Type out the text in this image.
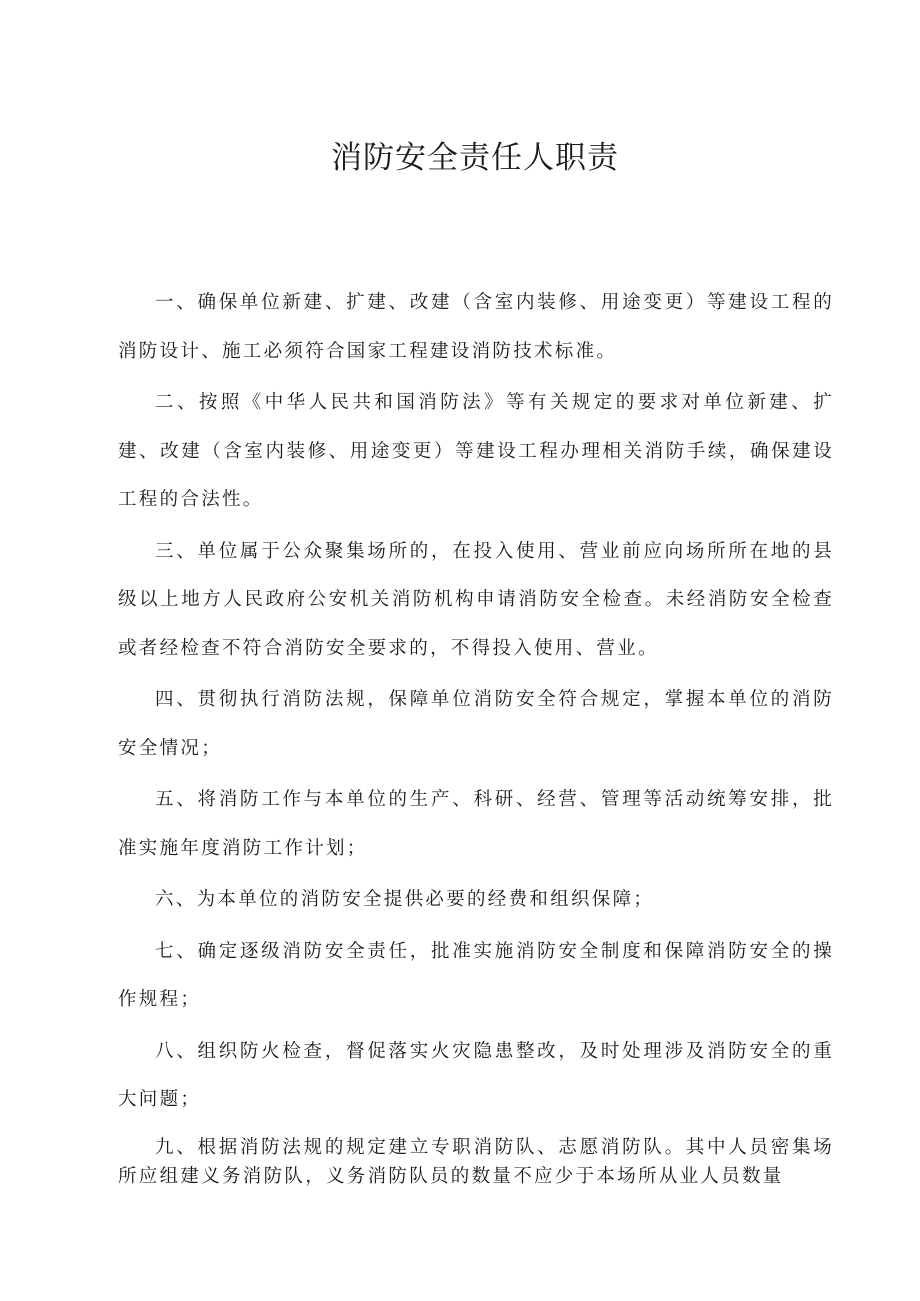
消防安全责任人职责

一、确保单位新建、扩建、改建（含室内装修、用途变更）等建设工程的消防设计、施工必须符合国家工程建设消防技术标准。

二、按照《中华人民共和国消防法》等有关规定的要求对单位新建、扩建、改建（含室内装修、用途变更）等建设工程办理相关消防手续，确保建设工程的合法性。

三、单位属于公众聚集场所的，在投入使用、营业前应向场所所在地的县级以上地方人民政府公安机关消防机构申请消防安全检查。未经消防安全检查或者经检查不符合消防安全要求的，不得投入使用、营业。

四、贯彻执行消防法规，保障单位消防安全符合规定，掌握本单位的消防安全情况；

五、将消防工作与本单位的生产、科研、经营、管理等活动统筹安排，批准实施年度消防工作计划；

六、为本单位的消防安全提供必要的经费和组织保障；

七、确定逐级消防安全责任，批准实施消防安全制度和保障消防安全的操作规程；

八、组织防火检查，督促落实火灾隐患整改，及时处理涉及消防安全的重大问题；

九、根据消防法规的规定建立专职消防队、志愿消防队。其中人员密集场所应组建义务消防队，义务消防队员的数量不应少于本场所从业人员数量
